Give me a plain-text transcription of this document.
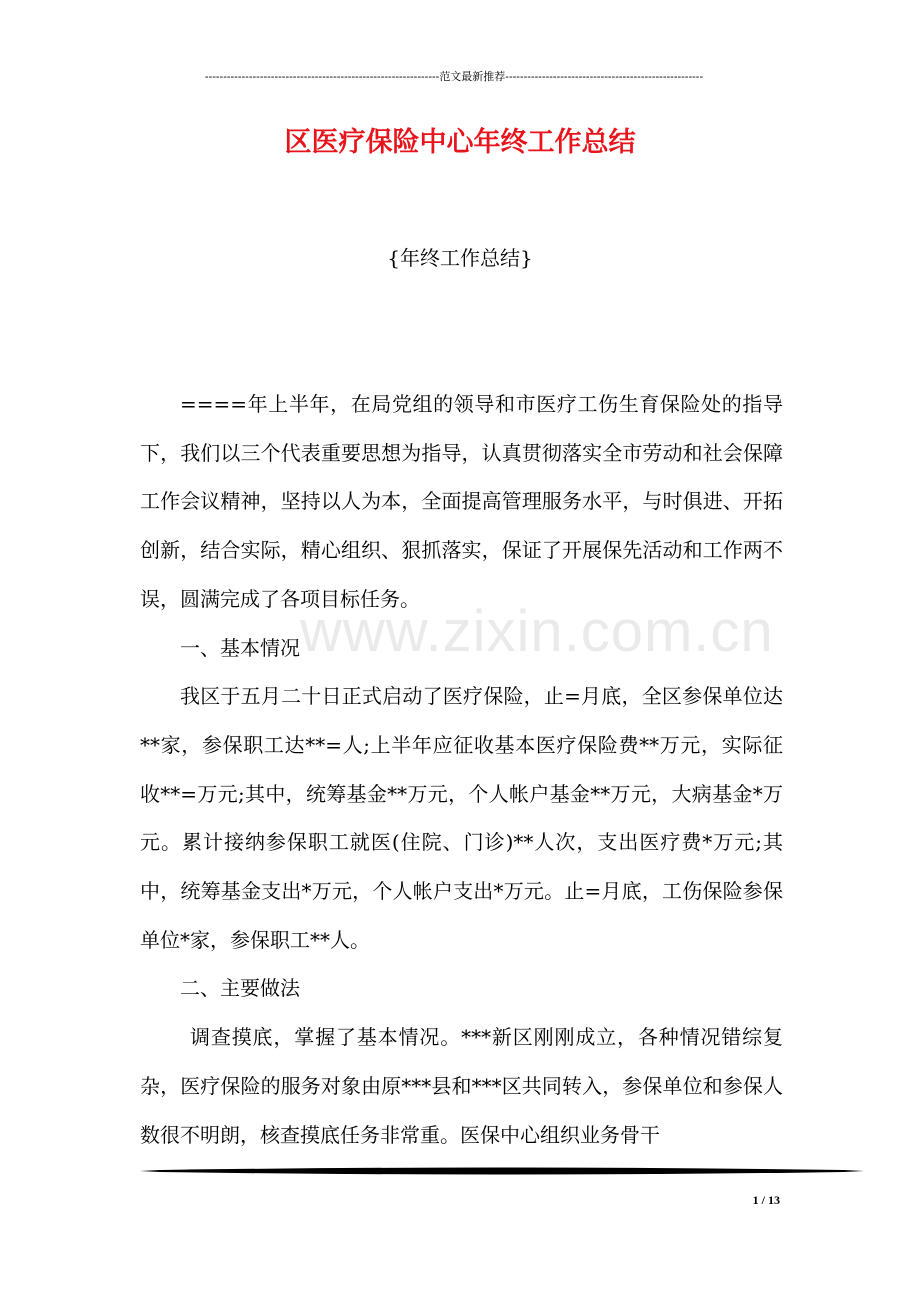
----------------------------------------------------------------范文最新推荐------------------------------------------------------
区医疗保险中心年终工作总结
{年终工作总结}

====年上半年，在局党组的领导和市医疗工伤生育保险处的指导下，我们以三个代表重要思想为指导，认真贯彻落实全市劳动和社会保障工作会议精神，坚持以人为本，全面提高管理服务水平，与时俱进、开拓创新，结合实际，精心组织、狠抓落实，保证了开展保先活动和工作两不误，圆满完成了各项目标任务。

一、基本情况

我区于五月二十日正式启动了医疗保险，止=月底，全区参保单位达**家，参保职工达**=人;上半年应征收基本医疗保险费**万元，实际征收**=万元;其中，统筹基金**万元，个人帐户基金**万元，大病基金*万元。累计接纳参保职工就医(住院、门诊)**人次，支出医疗费*万元;其中，统筹基金支出*万元，个人帐户支出*万元。止=月底，工伤保险参保单位*家，参保职工**人。

二、主要做法

调查摸底，掌握了基本情况。***新区刚刚成立，各种情况错综复杂，医疗保险的服务对象由原***县和***区共同转入，参保单位和参保人数很不明朗，核查摸底任务非常重。医保中心组织业务骨干

www.zixin.com.cn
1 / 13
